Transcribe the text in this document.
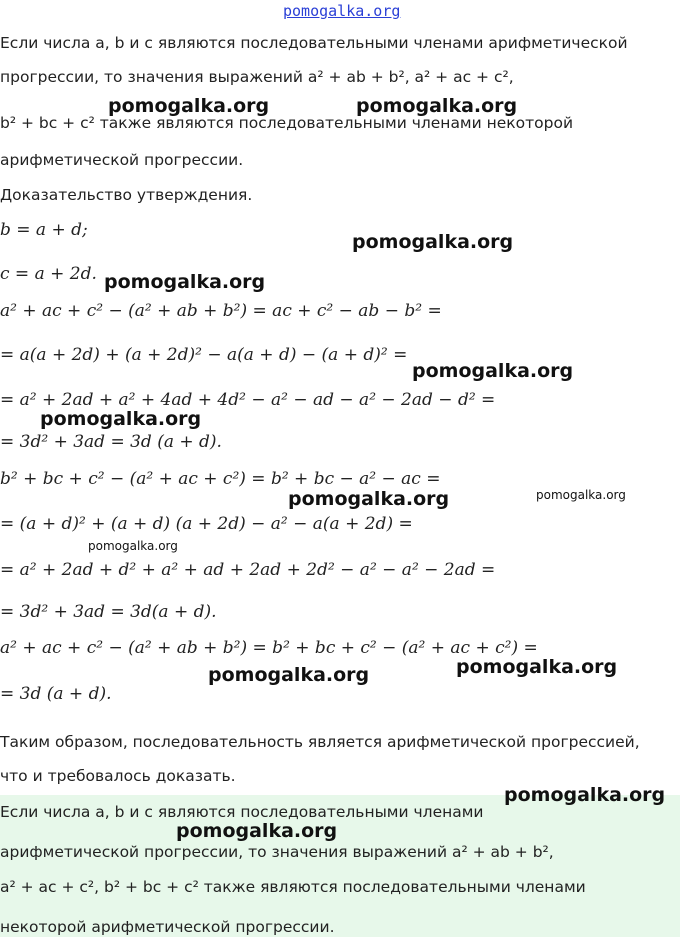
pomogalka.org
Если числа a, b и c являются последовательными членами арифметической
прогрессии, то значения выражений a² + ab + b², a² + ac + c²,
b² + bc + c² также являются последовательными членами некоторой
арифметической прогрессии.
Доказательство утверждения.
b = a + d;
c = a + 2d.
a² + ac + c² − (a² + ab + b²) = ac + c² − ab − b² =
= a(a + 2d) + (a + 2d)² − a(a + d) − (a + d)² =
= a² + 2ad + a² + 4ad + 4d² − a² − ad − a² − 2ad − d² =
= 3d² + 3ad = 3d (a + d).
b² + bc + c² − (a² + ac + c²) = b² + bc − a² − ac =
= (a + d)² + (a + d) (a + 2d) − a² − a(a + 2d) =
= a² + 2ad + d² + a² + ad + 2ad + 2d² − a² − a² − 2ad =
= 3d² + 3ad = 3d(a + d).
a² + ac + c² − (a² + ab + b²) = b² + bc + c² − (a² + ac + c²) =
= 3d (a + d).
Таким образом, последовательность является арифметической прогрессией,
что и требовалось доказать.
Если числа a, b и c являются последовательными членами
арифметической прогрессии, то значения выражений a² + ab + b²,
a² + ac + c², b² + bc + c² также являются последовательными членами
некоторой арифметической прогрессии.
pomogalka.org	pomogalka.org
pomogalka.org
pomogalka.org
pomogalka.org
pomogalka.org
pomogalka.org	pomogalka.org
pomogalka.org
pomogalka.org
pomogalka.org
pomogalka.org
pomogalka.org
